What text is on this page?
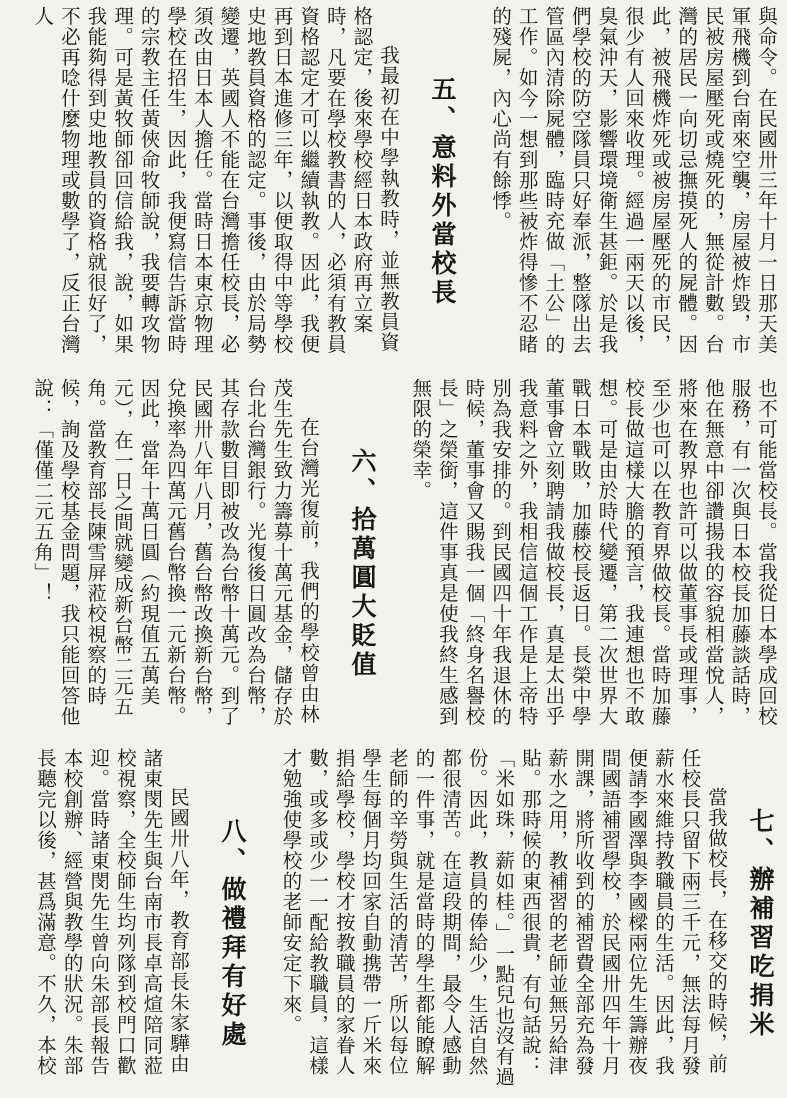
與命令。在民國卅三年十月一日那天美軍飛機到台南來空襲，房屋被炸毀，市民被房屋壓死或燒死的，無從計數。台灣的居民一向切忌撫摸死人的屍體。因此，被飛機炸死或被房屋壓死的市民，很少有人回來收理。經過一兩天以後，臭氣沖天，影響環境衛生甚鉅。於是我們學校的防空隊員只好奉派，整隊出去管區內清除屍體，臨時充做「土公」的工作。如今一想到那些被炸得慘不忍睹的殘屍，內心尚有餘悸。
五、意料外當校長
我最初在中學執教時，並無教員資格認定，後來學校經日本政府再立案時，凡要在學校教書的人，必須有教員資格認定才可以繼續執教。因此，我便再到日本進修三年，以便取得中等學校史地教員資格的認定。事後，由於局勢變遷，英國人不能在台灣擔任校長，必須改由日本人擔任。當時日本東京物理學校在招生，因此，我便寫信告訴當時的宗教主任黃俠命牧師說，我要轉攻物理。可是黃牧師卻回信給我，說，如果我能夠得到史地教員的資格就很好了，不必再唸什麼物理或數學了，反正台灣人
也不可能當校長。當我從日本學成回校服務，有一次與日本校長加藤談話時，他在無意中卻讚揚我的容貌相當悅人，將來在教界也許可以做董事長或理事，至少也可以在教育界做校長。當時加藤校長做這樣大膽的預言，我連想也不敢想。可是由於時代變遷，第二次世界大戰日本戰敗，加藤校長返日。長榮中學董事會立刻聘請我做校長，真是太出乎我意料之外，我相信這個工作是上帝特別為我安排的。到民國四十年我退休的時候，董事會又賜我一個「終身名譽校長」之榮銜，這件事真是使我終生感到無限的榮幸。
六、拾萬圓大貶值
在台灣光復前，我們的學校曾由林茂生先生致力籌募十萬元基金，儲存於台北台灣銀行。光復後日圓改為台幣，其存款數目即被改為台幣十萬元。到了民國卅八年八月，舊台幣改換新台幣，兌換率為四萬元舊台幣換一元新台幣。因此，當年十萬日圓（約現值五萬美元），在一日之間就變成新台幣二元五角。當教育部長陳雪屏蒞校視察的時候，詢及學校基金問題，我只能回答他說：「僅僅二元五角」！
七、辦補習吃捐米
當我做校長，在移交的時候，前任校長只留下兩三千元，無法每月發薪水來維持教職員的生活。因此，我便請李國澤與李國樑兩位先生籌辦夜間國語補習學校，於民國卅四年十月開課，將所收到的補習費全部充為發薪水之用，教補習的老師並無另給津貼。那時候的東西很貴，有句話說：「米如珠，薪如桂。」一點兒也沒有過份。因此，教員的俸給少，生活自然都很清苦。在這段期間，最令人感動的一件事，就是當時的學生都能瞭解老師的辛勞與生活的清苦，所以每位學生每個月均回家自動携帶一斤米來捐給學校，學校才按教職員的家眷人數，或多或少一一配給教職員，這樣才勉強使學校的老師安定下來。
八、做禮拜有好處
民國卅八年，教育部長朱家驊由諸東閔先生與台南市長卓高煊陪同蒞校視察，全校師生均列隊到校門口歡迎。當時諸東閔先生曾向朱部長報告本校創辦、經營與教學的狀況。朱部長聽完以後，甚爲滿意。不久，本校
